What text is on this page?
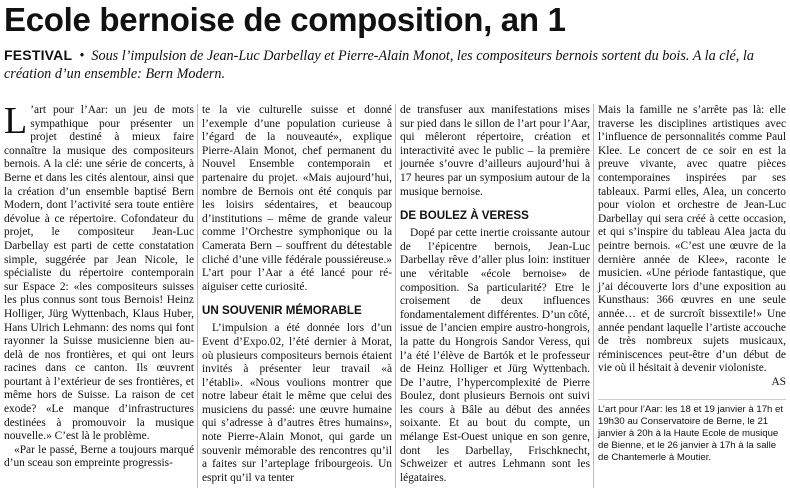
Ecole bernoise de composition, an 1
FESTIVAL  •  Sous l’impulsion de Jean-Luc Darbellay et Pierre-Alain Monot, les compositeurs bernois sortent du bois. A la clé, la création d’un ensemble: Bern Modern.

L ’art pour l’Aar: un jeu de mots sympathique pour présenter un projet destiné à mieux faire connaître la musique des compositeurs bernois. A la clé: une série de concerts, à Berne et dans les cités alentour, ainsi que la création d’un ensemble baptisé Bern Modern, dont l’activité sera toute entière dévolue à ce répertoire. Cofondateur du projet, le compositeur Jean-Luc Darbellay est parti de cette constatation simple, suggérée par Jean Nicole, le spécialiste du répertoire contemporain sur Espace 2: «les compositeurs suisses les plus connus sont tous Bernois! Heinz Holliger, Jürg Wyttenbach, Klaus Huber, Hans Ulrich Lehmann: des noms qui font rayonner la Suisse musicienne bien au-delà de nos frontières, et qui ont leurs racines dans ce canton. Ils œuvrent pourtant à l’extérieur de ses frontières, et même hors de Suisse. La raison de cet exode? «Le manque d’infrastructures destinées à promouvoir la musique nouvelle.» C’est là le problème.

«Par le passé, Berne a toujours marqué d’un sceau son empreinte progressis-

te la vie culturelle suisse et donné l’exemple d’une population curieuse à l’égard de la nouveauté», explique Pierre-Alain Monot, chef permanent du Nouvel Ensemble contemporain et partenaire du projet. «Mais aujourd’hui, nombre de Bernois ont été conquis par les loisirs sédentaires, et beaucoup d’institutions – même de grande valeur comme l’Orchestre symphonique ou la Camerata Bern – souffrent du détestable cliché d’une ville fédérale poussiéreuse.» L’art pour l’Aar a été lancé pour ré-aiguiser cette curiosité.

UN SOUVENIR MÉMORABLE

L’impulsion a été donnée lors d’un Event d’Expo.02, l’été dernier à Morat, où plusieurs compositeurs bernois étaient invités à présenter leur travail «à l’établi». «Nous voulions montrer que notre labeur était le même que celui des musiciens du passé: une œuvre humaine qui s’adresse à d’autres êtres humains», note Pierre-Alain Monot, qui garde un souvenir mémorable des rencontres qu’il a faites sur l’arteplage fribourgeois. Un esprit qu’il va tenter

de transfuser aux manifestations mises sur pied dans le sillon de l’art pour l’Aar, qui mêleront répertoire, création et interactivité avec le public – la première journée s’ouvre d’ailleurs aujourd’hui à 17 heures par un symposium autour de la musique bernoise.

DE BOULEZ À VERESS

Dopé par cette inertie croissante autour de l’épicentre bernois, Jean-Luc Darbellay rêve d’aller plus loin: instituer une véritable «école bernoise» de composition. Sa particularité? Etre le croisement de deux influences fondamentalement différentes. D’un côté, issue de l’ancien empire austro-hongrois, la patte du Hongrois Sandor Veress, qui l’a été l’élève de Bartók et le professeur de Heinz Holliger et Jürg Wyttenbach. De l’autre, l’hypercomplexité de Pierre Boulez, dont plusieurs Bernois ont suivi les cours à Bâle au début des années soixante. Et au bout du compte, un mélange Est-Ouest unique en son genre, dont les Darbellay, Frischknecht, Schweizer et autres Lehmann sont les légataires.

Mais la famille ne s’arrête pas là: elle traverse les disciplines artistiques avec l’influence de personnalités comme Paul Klee. Le concert de ce soir en est la preuve vivante, avec quatre pièces contemporaines inspirées par ses tableaux. Parmi elles, Alea, un concerto pour violon et orchestre de Jean-Luc Darbellay qui sera créé à cette occasion, et qui s’inspire du tableau Alea jacta du peintre bernois. «C’est une œuvre de la dernière année de Klee», raconte le musicien. «Une période fantastique, que j’ai découverte lors d’une exposition au Kunsthaus: 366 œuvres en une seule année… et de surcroît bissextile!» Une année pendant laquelle l’artiste accouche de très nombreux sujets musicaux, réminiscences peut-être d’un début de vie où il hésitait à devenir violoniste.

AS

L’art pour l’Aar: les 18 et 19 janvier à 17h et 19h30 au Conservatoire de Berne, le 21 janvier à 20h à la Haute Ecole de musique de Bienne, et le 26 janvier à 17h à la salle de Chantemerle à Moutier.
